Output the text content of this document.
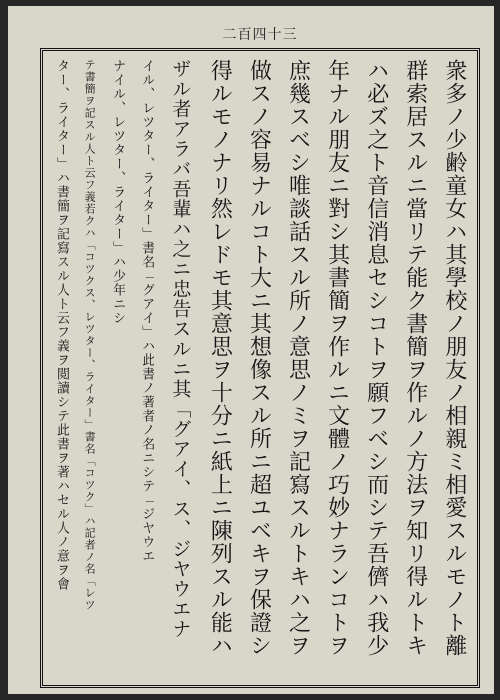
二百四十三
衆多ノ少齢童女ハ其學校ノ朋友ノ相親ミ相愛スルモノト離
群索居スルニ當リテ能ク書簡ヲ作ルノ方法ヲ知リ得ルトキ
ハ必ズ之ト音信消息セシコトヲ願フベシ而シテ吾儕ハ我少
年ナル朋友ニ對シ其書簡ヲ作ルニ文體ノ巧妙ナランコトヲ
庶幾スベシ唯談話スル所ノ意思ノミヲ記寫スルトキハ之ヲ
做スノ容易ナルコト大ニ其想像スル所ニ超ユベキヲ保證シ
得ルモノナリ然レドモ其意思ヲ十分ニ紙上ニ陳列スル能ハ
ザル者アラバ吾輩ハ之ニ忠告スルニ其「グアイ、ス、ジヤウエナ
イル、レツター、ライター」書名「グアイ」ハ此書ノ著者ノ名ニシテ「ジヤウエ
ナイル、レツター、ライター」ハ少年ニシ
テ書簡ヲ記スル人ト云フ義若クハ「コツクス、レツター、ライター」書名「コツク」ハ記者ノ名「レツ
ター、ライター」ハ書簡ヲ記寫スル人ト云フ義ヲ閲讀シテ此書ヲ著ハセル人ノ意ヲ會
